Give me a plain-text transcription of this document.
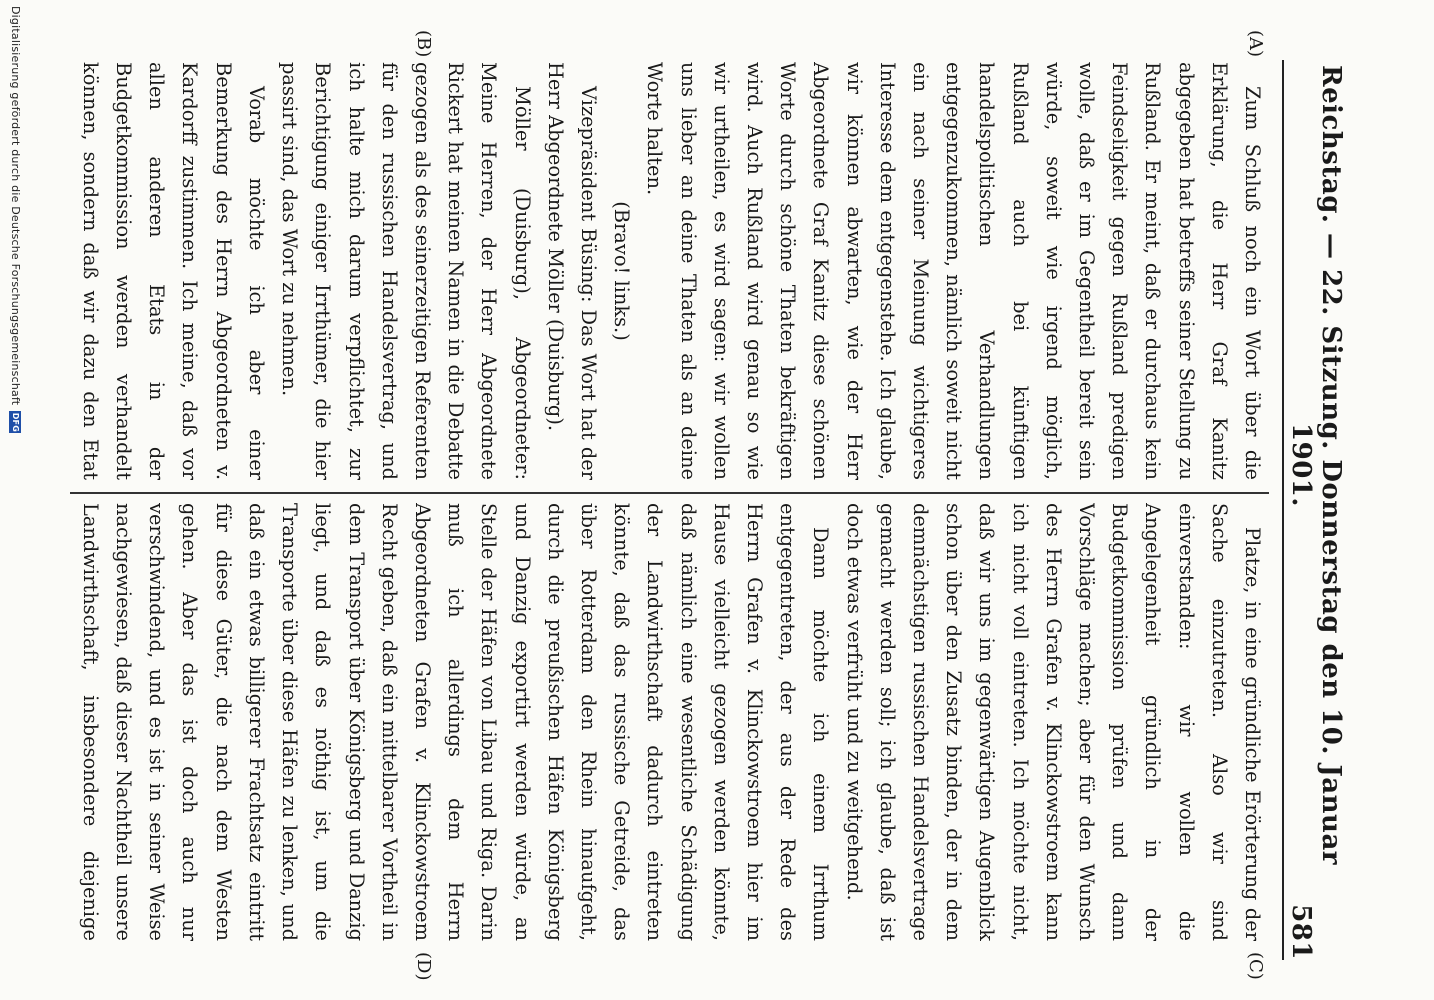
Reichstag. — 22. Sitzung. Donnerstag den 10. Januar 1901.
581
(A)
(B)
(C)
(D)

Zum Schluß noch ein Wort über die Erklärung, die Herr Graf Kanitz abgegeben hat betreffs seiner Stellung zu Rußland. Er meint, daß er durchaus kein Feindseligkeit gegen Rußland predigen wolle, daß er im Gegentheil bereit sein würde, soweit wie irgend möglich, Rußland auch bei künftigen handelspolitischen Verhandlungen entgegenzukommen, nämlich soweit nicht ein nach seiner Meinung wichtigeres Interesse dem entgegenstehe. Ich glaube, wir können abwarten, wie der Herr Abgeordnete Graf Kanitz diese schönen Worte durch schöne Thaten bekräftigen wird. Auch Rußland wird genau so wie wir urtheilen, es wird sagen: wir wollen uns lieber an deine Thaten als an deine Worte halten.

(Bravo! links.)

Vizepräsident Büsing: Das Wort hat der Herr Abgeordnete Möller (Duisburg).

Möller (Duisburg), Abgeordneter: Meine Herren, der Herr Abgeordnete Rickert hat meinen Namen in die Debatte gezogen als des seinerzeitigen Referenten für den russischen Handelsvertrag, und ich halte mich darum verpflichtet, zur Berichtigung einiger Irrthümer, die hier passirt sind, das Wort zu nehmen.

Vorab möchte ich aber einer Bemerkung des Herrn Abgeordneten v. Kardorff zustimmen. Ich meine, daß vor allen anderen Etats in der Budgetkommission werden verhandelt können, sondern daß wir dazu den Etat

Platze, in eine gründliche Erörterung der Sache einzutreten. Also wir sind einverstanden: wir wollen die Angelegenheit gründlich in der Budgetkommission prüfen und dann Vorschläge machen; aber für den Wunsch des Herrn Grafen v. Klinckowstroem kann ich nicht voll eintreten. Ich möchte nicht, daß wir uns im gegenwärtigen Augenblick schon über den Zusatz binden, der in dem demnächstigen russischen Handelsvertrage gemacht werden soll; ich glaube, daß ist doch etwas verfrüht und zu weitgehend.

Dann möchte ich einem Irrthum entgegentreten, der aus der Rede des Herrn Grafen v. Klinckowstroem hier im Hause vielleicht gezogen werden könnte, daß nämlich eine wesentliche Schädigung der Landwirthschaft dadurch eintreten könnte, daß das russische Getreide, das über Rotterdam den Rhein hinaufgeht, durch die preußischen Häfen Königsberg und Danzig exportirt werden würde, an Stelle der Häfen von Libau und Riga. Darin muß ich allerdings dem Herrn Abgeordneten Grafen v. Klinckowstroem Recht geben, daß ein mittelbarer Vortheil in dem Transport über Königsberg und Danzig liegt, und daß es nöthig ist, um die Transporte über diese Häfen zu lenken, und daß ein etwas billigerer Frachtsatz eintritt für diese Güter, die nach dem Westen gehen. Aber das ist doch auch nur verschwindend, und es ist in seiner Weise nachgewiesen, daß dieser Nachtheil unsere Landwirthschaft, insbesondere diejenige

Digitalisierung gefördert durch die Deutsche Forschungsgemeinschaft
DFG
